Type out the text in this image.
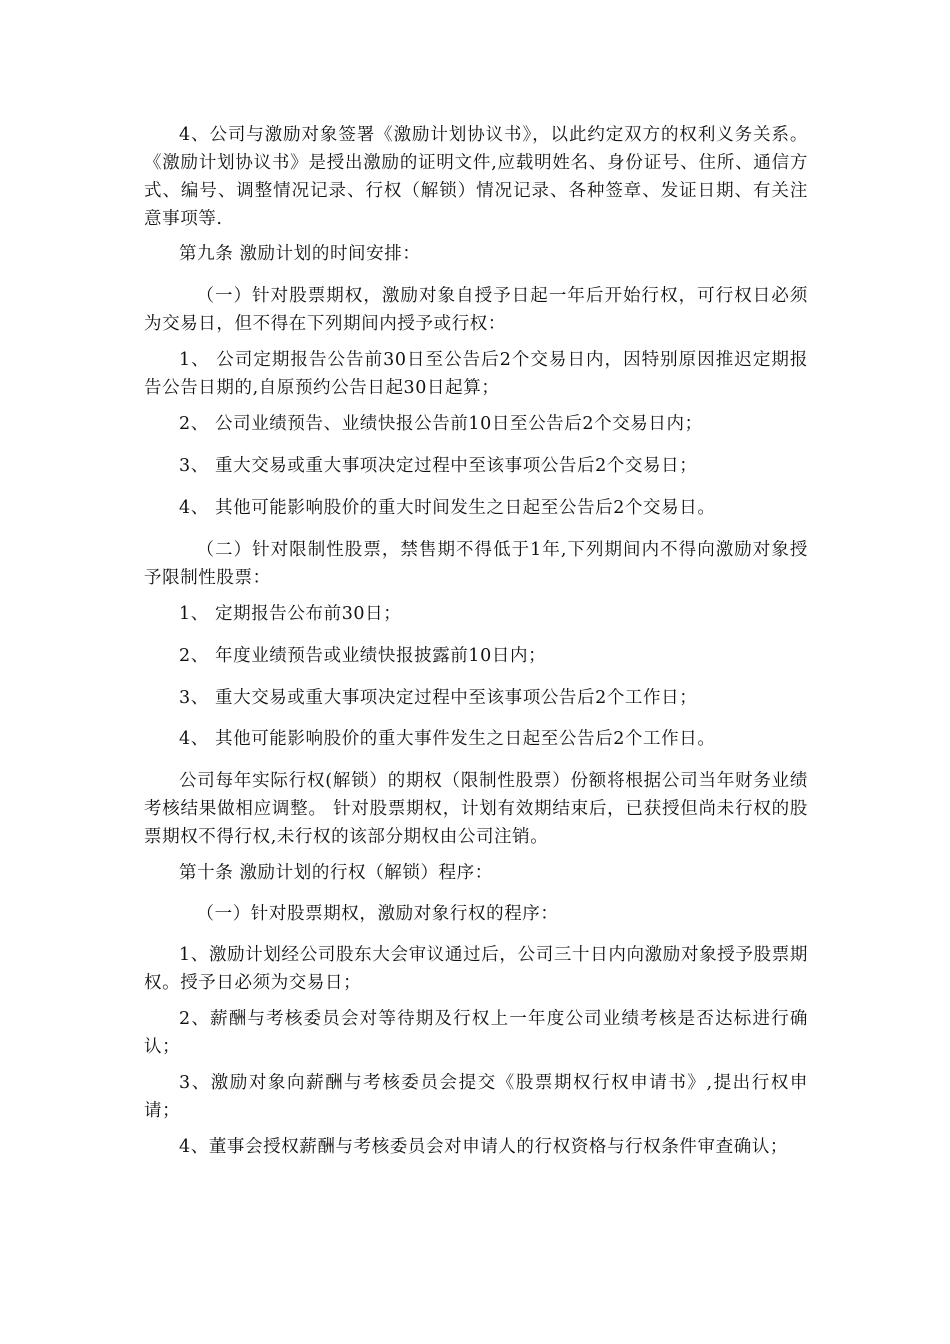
4、公司与激励对象签署《激励计划协议书》，以此约定双方的权利义务关系。《激励计划协议书》是授出激励的证明文件,应载明姓名、身份证号、住所、通信方式、编号、调整情况记录、行权（解锁）情况记录、各种签章、发证日期、有关注意事项等.

第九条 激励计划的时间安排：

（一）针对股票期权，激励对象自授予日起一年后开始行权，可行权日必须为交易日，但不得在下列期间内授予或行权：

1、 公司定期报告公告前30日至公告后2个交易日内，因特别原因推迟定期报告公告日期的,自原预约公告日起30日起算；

2、 公司业绩预告、业绩快报公告前10日至公告后2个交易日内；

3、 重大交易或重大事项决定过程中至该事项公告后2个交易日；

4、 其他可能影响股价的重大时间发生之日起至公告后2个交易日。

（二）针对限制性股票，禁售期不得低于1年,下列期间内不得向激励对象授予限制性股票：

1、 定期报告公布前30日；

2、 年度业绩预告或业绩快报披露前10日内；

3、 重大交易或重大事项决定过程中至该事项公告后2个工作日；

4、 其他可能影响股价的重大事件发生之日起至公告后2个工作日。

公司每年实际行权(解锁）的期权（限制性股票）份额将根据公司当年财务业绩考核结果做相应调整。 针对股票期权，计划有效期结束后，已获授但尚未行权的股票期权不得行权,未行权的该部分期权由公司注销。

第十条 激励计划的行权（解锁）程序：

（一）针对股票期权，激励对象行权的程序：

1、激励计划经公司股东大会审议通过后，公司三十日内向激励对象授予股票期权。授予日必须为交易日；

2、薪酬与考核委员会对等待期及行权上一年度公司业绩考核是否达标进行确认；

3、激励对象向薪酬与考核委员会提交《股票期权行权申请书》,提出行权申请；

4、董事会授权薪酬与考核委员会对申请人的行权资格与行权条件审查确认；
